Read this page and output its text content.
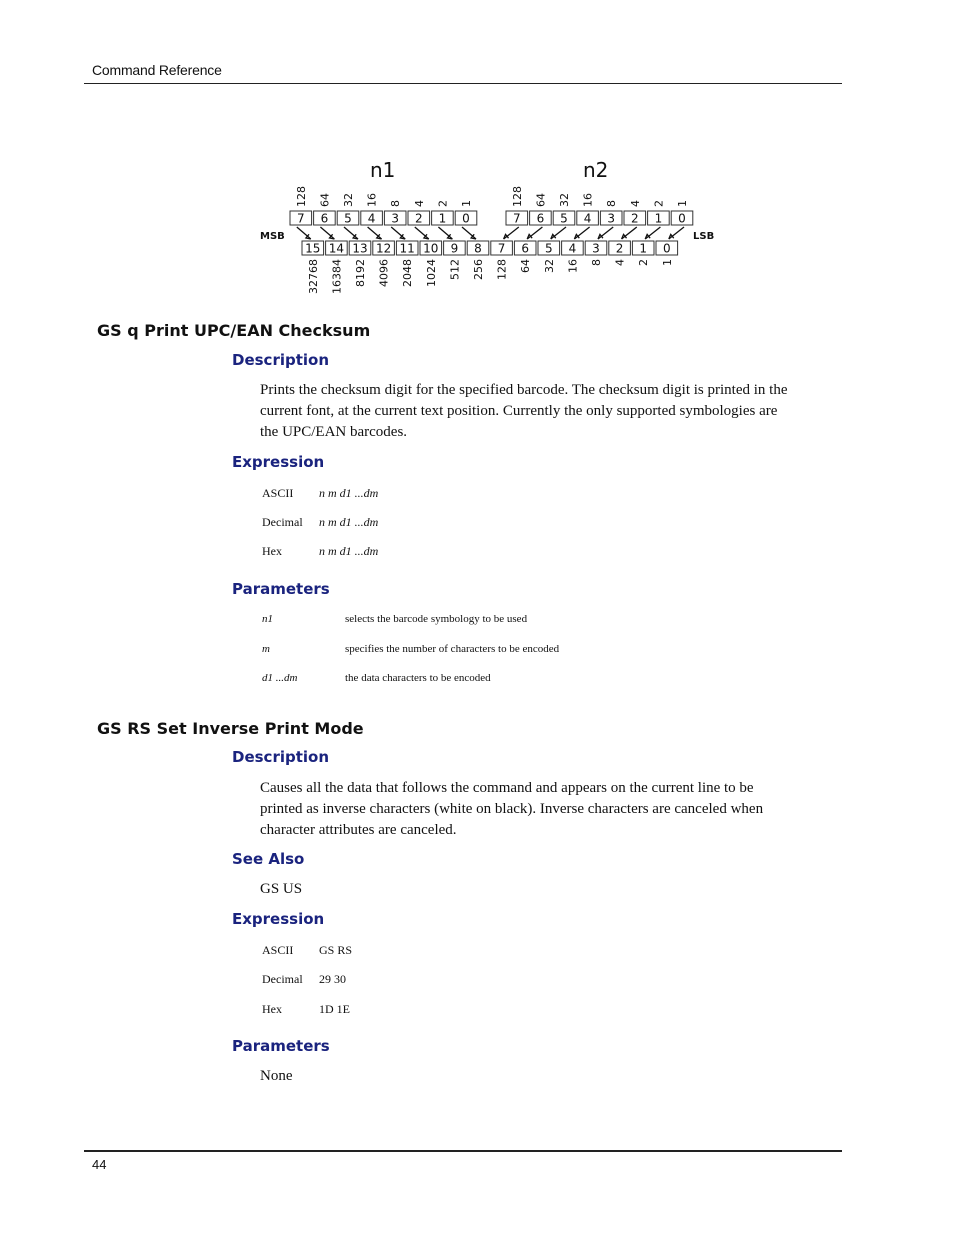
Command Reference
44
n1	n2
MSB	LSB
7
128
6
64
5
32
4
16
3
8
2
4
1
2
0
1
7
128
6
64
5
32
4
16
3
8
2
4
1
2
0
1
15
32768
14
16384
13
8192
12
4096
11
2048
10
1024
9
512
8
256
7
128
6
64
5
32
4
16
3
8
2
4
1
2
0
1
GS q Print UPC/EAN Checksum
Description
Prints the checksum digit for the specified barcode. The checksum digit is printed in the
current font, at the current text position. Currently the only supported symbologies are
the UPC/EAN barcodes.
Expression
ASCII n m d1 ...dm
Decimal n m d1 ...dm
Hex	n m d1 ...dm
Parameters
n1	selects the barcode symbology to be used
m	specifies the number of characters to be encoded
d1 ...dm	the data characters to be encoded
GS RS Set Inverse Print Mode
Description
Causes all the data that follows the command and appears on the current line to be
printed as inverse characters (white on black). Inverse characters are canceled when
character attributes are canceled.
See Also
GS US
Expression
ASCII GS RS
Decimal 29 30
Hex	1D 1E
Parameters
None
